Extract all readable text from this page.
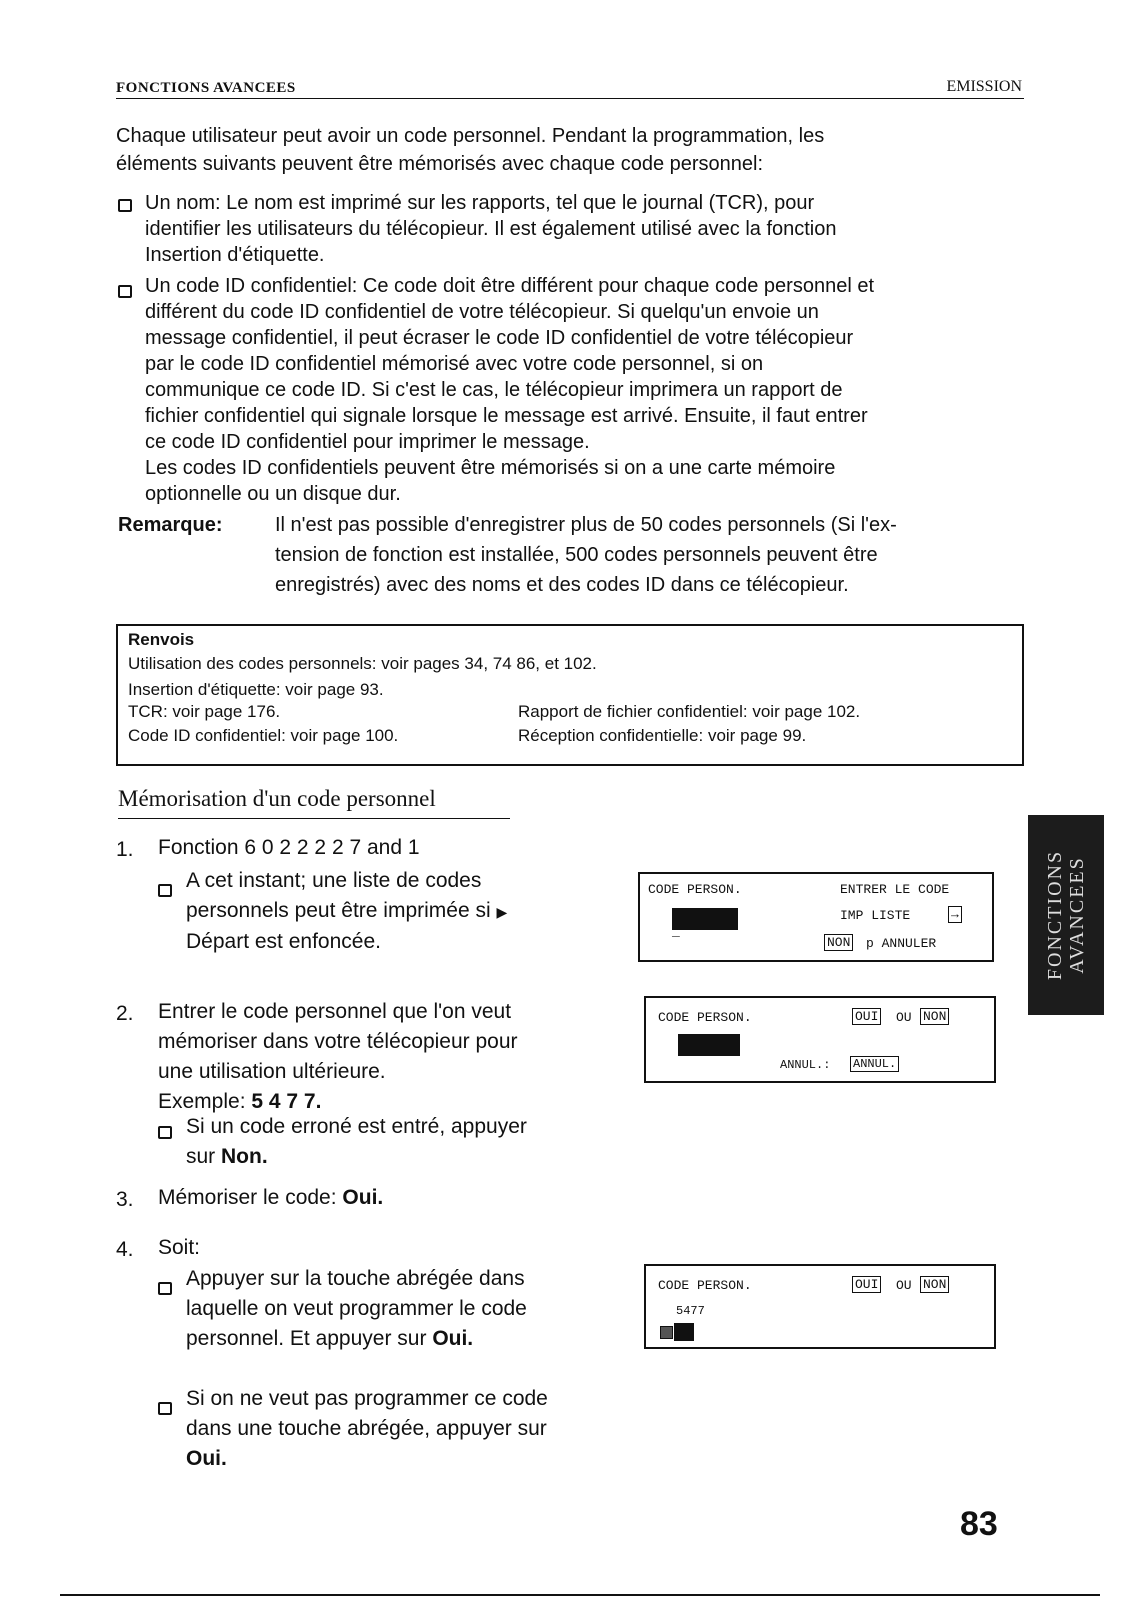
FONCTIONS AVANCEES	EMISSION
Chaque utilisateur peut avoir un code personnel. Pendant la programmation, les
éléments suivants peuvent être mémorisés avec chaque code personnel:
Un nom: Le nom est imprimé sur les rapports, tel que le journal (TCR), pour
identifier les utilisateurs du télécopieur. Il est également utilisé avec la fonction
Insertion d'étiquette.
Un code ID confidentiel: Ce code doit être différent pour chaque code personnel et
différent du code ID confidentiel de votre télécopieur. Si quelqu'un envoie un
message confidentiel, il peut écraser le code ID confidentiel de votre télécopieur
par le code ID confidentiel mémorisé avec votre code personnel, si on
communique ce code ID. Si c'est le cas, le télécopieur imprimera un rapport de
fichier confidentiel qui signale lorsque le message est arrivé. Ensuite, il faut entrer
ce code ID confidentiel pour imprimer le message.
Les codes ID confidentiels peuvent être mémorisés si on a une carte mémoire
optionnelle ou un disque dur.
Remarque:	Il n'est pas possible d'enregistrer plus de 50 codes personnels (Si l'ex-
tension de fonction est installée, 500 codes personnels peuvent être
enregistrés) avec des noms et des codes ID dans ce télécopieur.
Renvois
Utilisation des codes personnels: voir pages 34, 74 86, et 102.
Insertion d'étiquette: voir page 93.
TCR: voir page 176.	Rapport de fichier confidentiel: voir page 102.
Code ID confidentiel: voir page 100.	Réception confidentielle: voir page 99.
Mémorisation d'un code personnel
FONCTIONS AVANCEES
1. Fonction 6 0 2 2 2 2 7 and 1
A cet instant; une liste de codes
personnels peut être imprimée si ▶
Départ est enfoncée.
CODE PERSON.	ENTRER LE CODE
_
IMP LISTE	→
NON p ANNULER
2. Entrer le code personnel que l'on veut
mémoriser dans votre télécopieur pour
une utilisation ultérieure.
Exemple: 5 4 7 7.
Si un code erroné est entré, appuyer
sur Non.
CODE PERSON.	OUI OU NON
ANNUL.: ANNUL.
3. Mémoriser le code: Oui.
4. Soit:
Appuyer sur la touche abrégée dans
laquelle on veut programmer le code
personnel. Et appuyer sur Oui.
Si on ne veut pas programmer ce code
dans une touche abrégée, appuyer sur
Oui.
CODE PERSON.	OUI OU NON
5477
83
